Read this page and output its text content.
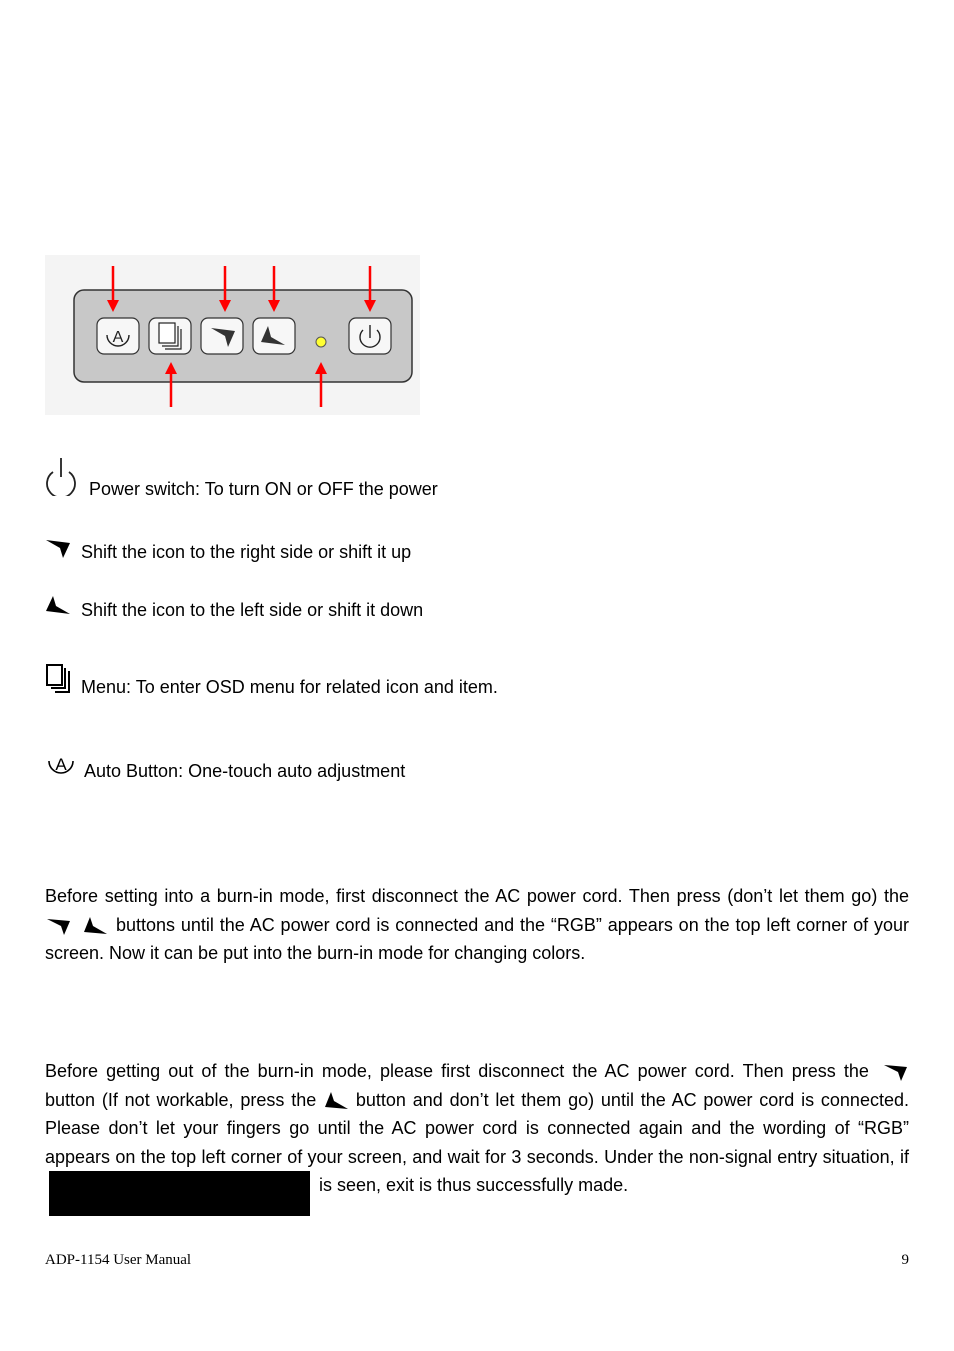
A
Power switch: To turn ON or OFF the power
Shift the icon to the right side or shift it up
Shift the icon to the left side or shift it down
Menu: To enter OSD menu for related icon and item.
A Auto Button: One-touch auto adjustment
Before setting into a burn-in mode, first disconnect the AC power cord. Then press (don’t let them go) thebuttons until the AC power cord is connected and the “RGB” appears on the top left corner of your screen. Now it can be put into the burn-in mode for changing colors.
Before getting out of the burn-in mode, please first disconnect the AC power cord. Then press the  button (If not workable, press the button and don’t let them go) until the AC power cord is connected. Please don’t let your fingers go until the AC power cord is connected again and the wording of “RGB” appears on the top left corner of your screen, and wait for 3 seconds. Under the non-signal entry situation, if  is seen, exit is thus successfully made.
ADP-1154 User Manual	9
